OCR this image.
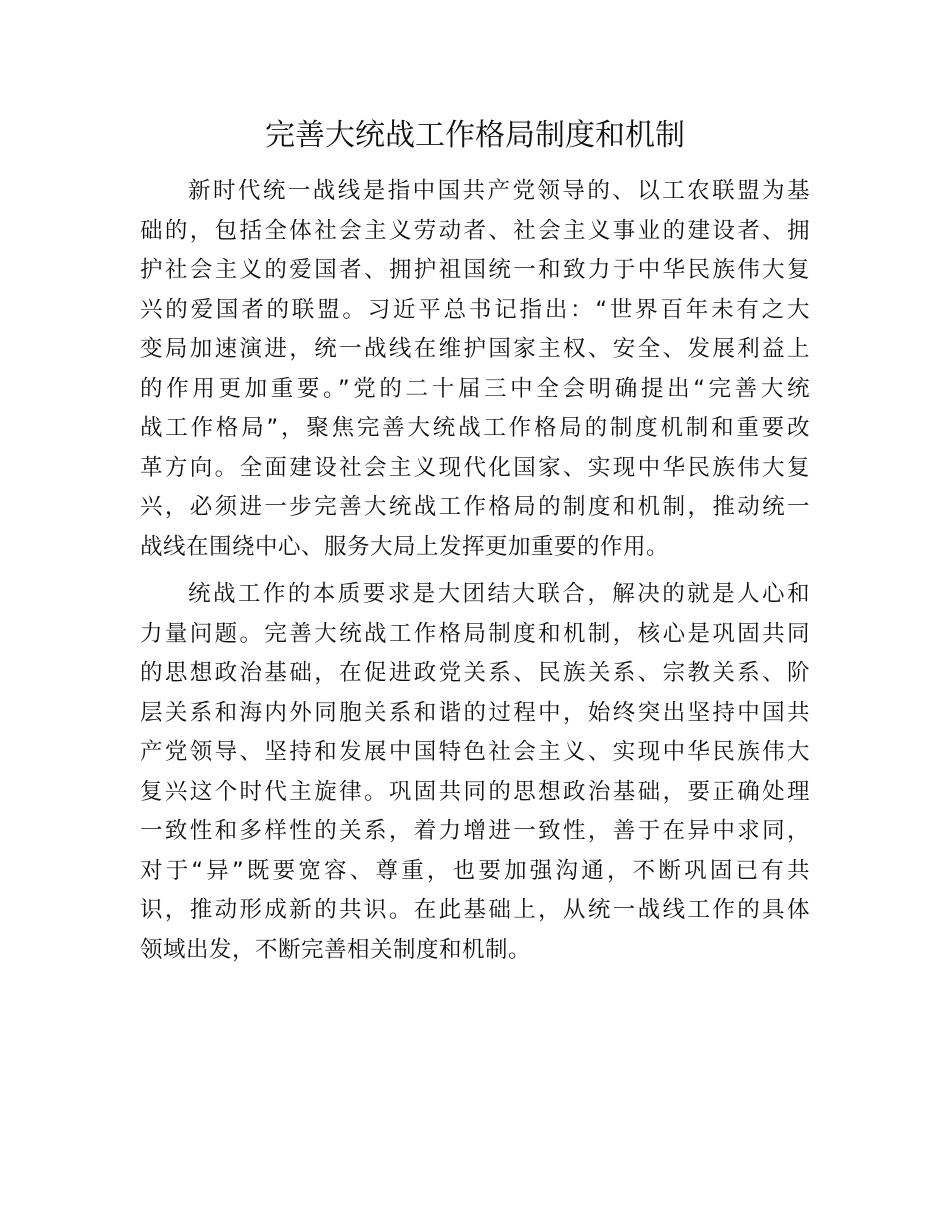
完善大统战工作格局制度和机制
新时代统一战线是指中国共产党领导的、以工农联盟为基
础的，包括全体社会主义劳动者、社会主义事业的建设者、拥
护社会主义的爱国者、拥护祖国统一和致力于中华民族伟大复
兴的爱国者的联盟。习近平总书记指出：“世界百年未有之大
变局加速演进，统一战线在维护国家主权、安全、发展利益上
的作用更加重要。”党的二十届三中全会明确提出“完善大统
战工作格局”，聚焦完善大统战工作格局的制度机制和重要改
革方向。全面建设社会主义现代化国家、实现中华民族伟大复
兴，必须进一步完善大统战工作格局的制度和机制，推动统一
战线在围绕中心、服务大局上发挥更加重要的作用。
统战工作的本质要求是大团结大联合，解决的就是人心和
力量问题。完善大统战工作格局制度和机制，核心是巩固共同
的思想政治基础，在促进政党关系、民族关系、宗教关系、阶
层关系和海内外同胞关系和谐的过程中，始终突出坚持中国共
产党领导、坚持和发展中国特色社会主义、实现中华民族伟大
复兴这个时代主旋律。巩固共同的思想政治基础，要正确处理
一致性和多样性的关系，着力增进一致性，善于在异中求同，
对于“异”既要宽容、尊重，也要加强沟通，不断巩固已有共
识，推动形成新的共识。在此基础上，从统一战线工作的具体
领域出发，不断完善相关制度和机制。
